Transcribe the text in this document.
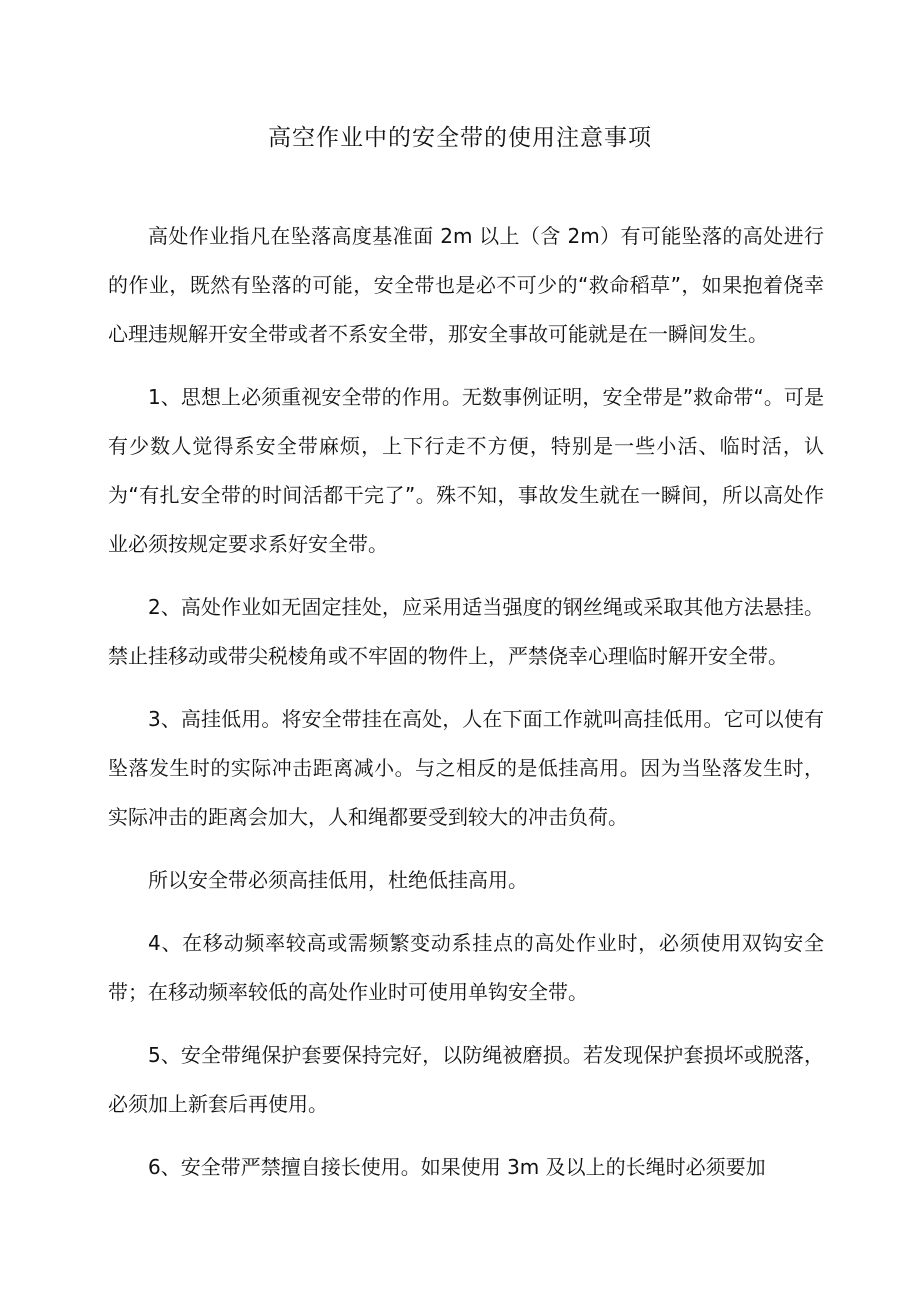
高空作业中的安全带的使用注意事项

高处作业指凡在坠落高度基准面 2m 以上（含 2m）有可能坠落的高处进行的作业，既然有坠落的可能，安全带也是必不可少的“救命稻草”，如果抱着侥幸心理违规解开安全带或者不系安全带，那安全事故可能就是在一瞬间发生。

1、思想上必须重视安全带的作用。无数事例证明，安全带是”救命带“。可是有少数人觉得系安全带麻烦，上下行走不方便，特别是一些小活、临时活，认为“有扎安全带的时间活都干完了”。殊不知，事故发生就在一瞬间，所以高处作业必须按规定要求系好安全带。

2、高处作业如无固定挂处，应采用适当强度的钢丝绳或采取其他方法悬挂。禁止挂移动或带尖税棱角或不牢固的物件上，严禁侥幸心理临时解开安全带。

3、高挂低用。将安全带挂在高处，人在下面工作就叫高挂低用。它可以使有坠落发生时的实际冲击距离减小。与之相反的是低挂高用。因为当坠落发生时，实际冲击的距离会加大，人和绳都要受到较大的冲击负荷。

所以安全带必须高挂低用，杜绝低挂高用。

4、在移动频率较高或需频繁变动系挂点的高处作业时，必须使用双钩安全带；在移动频率较低的高处作业时可使用单钩安全带。

5、安全带绳保护套要保持完好，以防绳被磨损。若发现保护套损坏或脱落，必须加上新套后再使用。

6、安全带严禁擅自接长使用。如果使用 3m 及以上的长绳时必须要加
